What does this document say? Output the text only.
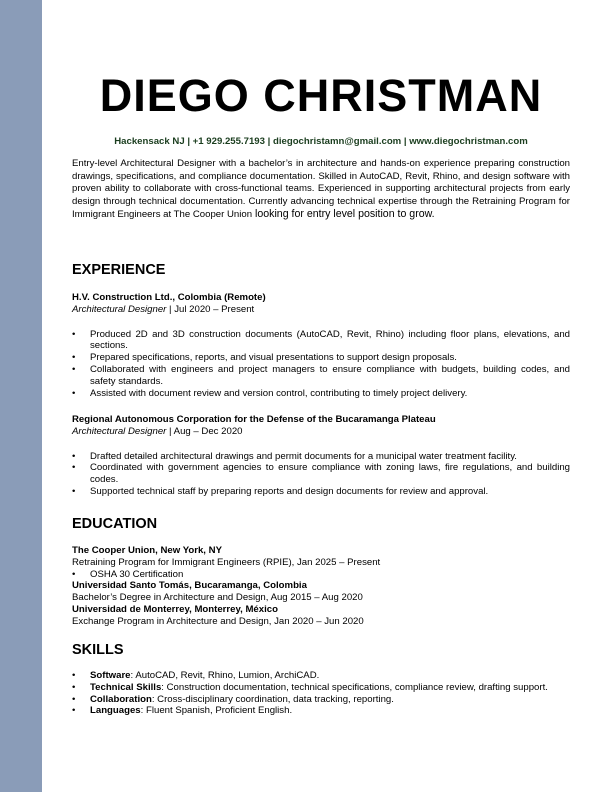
DIEGO CHRISTMAN
Hackensack NJ | +1 929.255.7193 | diegochristamn@gmail.com | www.diegochristman.com

Entry-level Architectural Designer with a bachelor’s in architecture and hands-on experience preparing construction drawings, specifications, and compliance documentation. Skilled in AutoCAD, Revit, Rhino, and design software with proven ability to collaborate with cross-functional teams. Experienced in supporting architectural projects from early design through technical documentation. Currently advancing technical expertise through the Retraining Program for Immigrant Engineers at The Cooper Union looking for entry level position to grow.

EXPERIENCE
H.V. Construction Ltd., Colombia (Remote)
Architectural Designer | Jul 2020 – Present
• Produced 2D and 3D construction documents (AutoCAD, Revit, Rhino) including floor plans, elevations, and sections.
• Prepared specifications, reports, and visual presentations to support design proposals.
• Collaborated with engineers and project managers to ensure compliance with budgets, building codes, and safety standards.
• Assisted with document review and version control, contributing to timely project delivery.
Regional Autonomous Corporation for the Defense of the Bucaramanga Plateau
Architectural Designer | Aug – Dec 2020
• Drafted detailed architectural drawings and permit documents for a municipal water treatment facility.
• Coordinated with government agencies to ensure compliance with zoning laws, fire regulations, and building codes.
• Supported technical staff by preparing reports and design documents for review and approval.
EDUCATION
The Cooper Union, New York, NY
Retraining Program for Immigrant Engineers (RPIE), Jan 2025 – Present
• OSHA 30 Certification
Universidad Santo Tomás, Bucaramanga, Colombia
Bachelor’s Degree in Architecture and Design, Aug 2015 – Aug 2020
Universidad de Monterrey, Monterrey, México
Exchange Program in Architecture and Design, Jan 2020 – Jun 2020
SKILLS
• Software: AutoCAD, Revit, Rhino, Lumion, ArchiCAD.
• Technical Skills: Construction documentation, technical specifications, compliance review, drafting support.
• Collaboration: Cross-disciplinary coordination, data tracking, reporting.
• Languages: Fluent Spanish, Proficient English.
